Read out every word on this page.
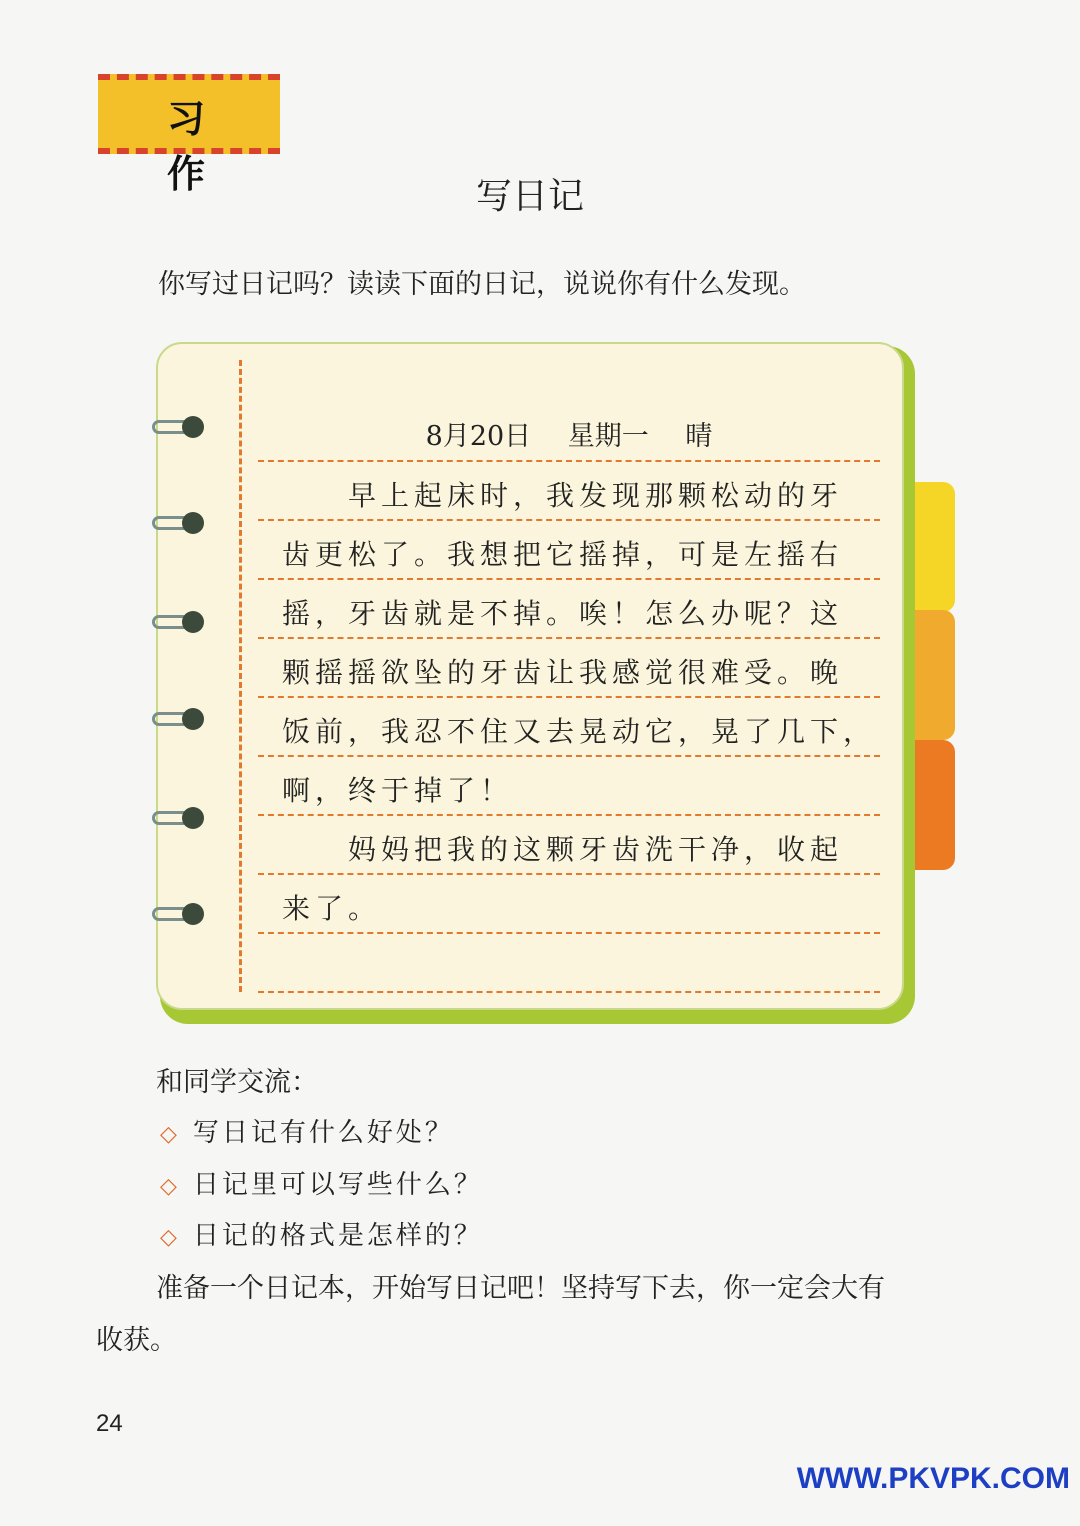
习 作
写日记
你写过日记吗？读读下面的日记，说说你有什么发现。
8月20日 星期一 晴
早上起床时，我发现那颗松动的牙
齿更松了。我想把它摇掉，可是左摇右
摇，牙齿就是不掉。唉！怎么办呢？这
颗摇摇欲坠的牙齿让我感觉很难受。晚
饭前，我忍不住又去晃动它，晃了几下，
啊，终于掉了！
妈妈把我的这颗牙齿洗干净，收起
来了。
和同学交流：
◇ 写日记有什么好处？
◇ 日记里可以写些什么？
◇ 日记的格式是怎样的？
准备一个日记本，开始写日记吧！坚持写下去，你一定会大有
收获。
24
WWW.PKVPK.COM
